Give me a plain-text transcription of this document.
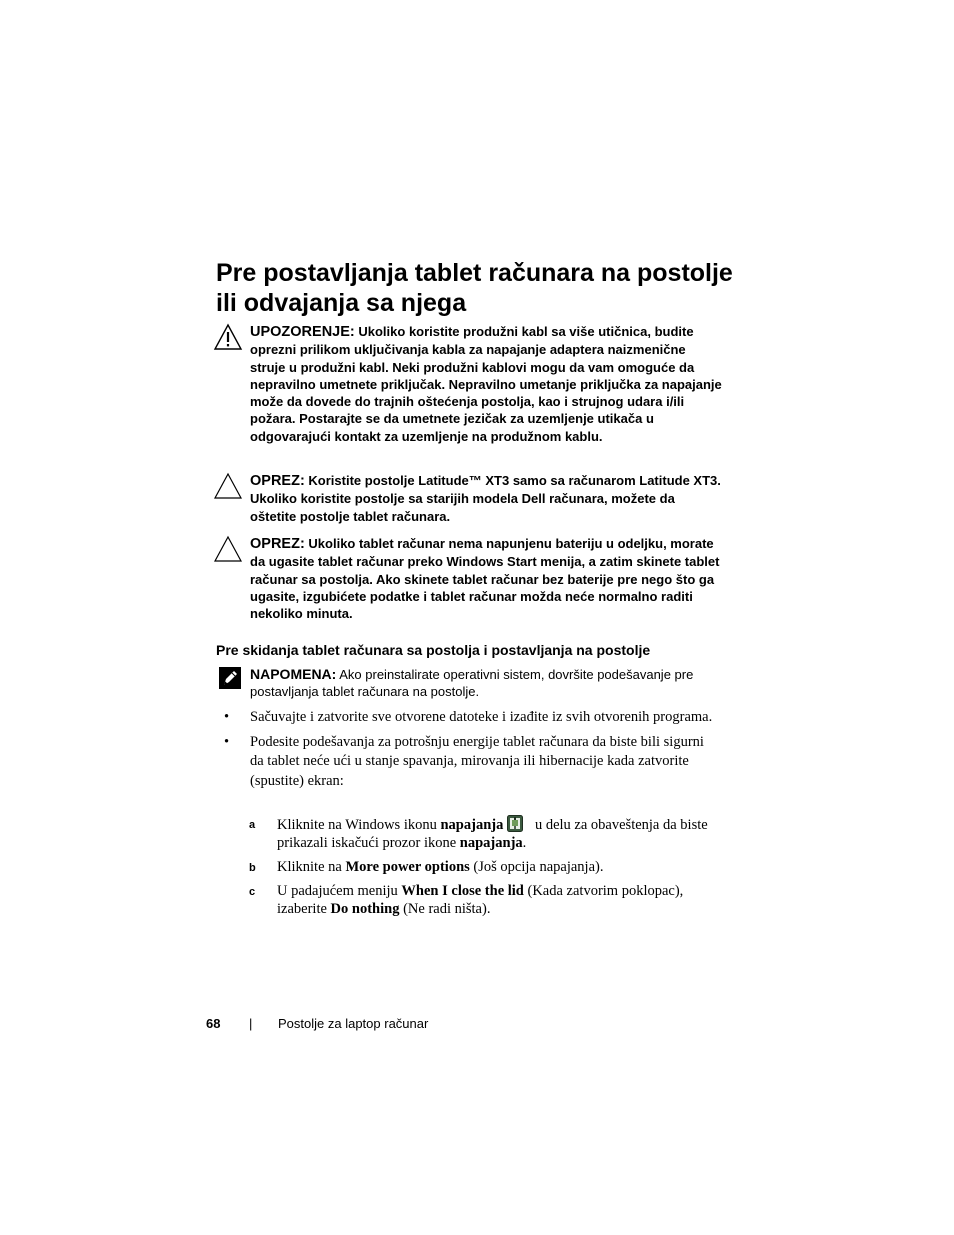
Pre postavljanja tablet računara na postolje ili odvajanja sa njega
UPOZORENJE: Ukoliko koristite produžni kabl sa više utičnica, budite oprezni prilikom uključivanja kabla za napajanje adaptera naizmenične struje u produžni kabl. Neki produžni kablovi mogu da vam omoguće da nepravilno umetnete priključak. Nepravilno umetanje priključka za napajanje može da dovede do trajnih oštećenja postolja, kao i strujnog udara i/ili požara. Postarajte se da umetnete jezičak za uzemljenje utikača u odgovarajući kontakt za uzemljenje na produžnom kablu.
OPREZ: Koristite postolje Latitude™ XT3 samo sa računarom Latitude XT3. Ukoliko koristite postolje sa starijih modela Dell računara, možete da oštetite postolje tablet računara.
OPREZ: Ukoliko tablet računar nema napunjenu bateriju u odeljku, morate da ugasite tablet računar preko Windows Start menija, a zatim skinete tablet računar sa postolja. Ako skinete tablet računar bez baterije pre nego što ga ugasite, izgubićete podatke i tablet računar možda neće normalno raditi nekoliko minuta.
Pre skidanja tablet računara sa postolja i postavljanja na postolje
NAPOMENA: Ako preinstalirate operativni sistem, dovršite podešavanje pre postavljanja tablet računara na postolje.
• Sačuvajte i zatvorite sve otvorene datoteke i izađite iz svih otvorenih programa.
• Podesite podešavanja za potrošnju energije tablet računara da biste bili sigurni da tablet neće ući u stanje spavanja, mirovanja ili hibernacije kada zatvorite (spustite) ekran:
a Kliknite na Windows ikonu napajanja u delu za obaveštenja da biste prikazali iskačući prozor ikone napajanja.
b Kliknite na More power options (Još opcija napajanja).
c U padajućem meniju When I close the lid (Kada zatvorim poklopac), izaberite Do nothing (Ne radi ništa).
68 | Postolje za laptop računar
